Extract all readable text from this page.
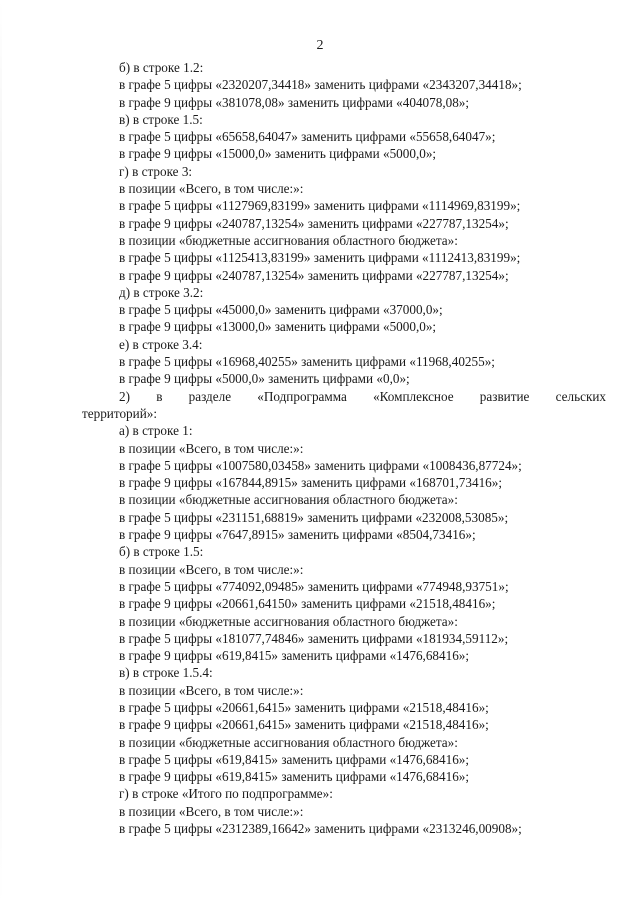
2
б) в строке 1.2:
в графе 5 цифры «2320207,34418» заменить цифрами «2343207,34418»;
в графе 9 цифры «381078,08» заменить цифрами «404078,08»;
в) в строке 1.5:
в графе 5 цифры «65658,64047» заменить цифрами «55658,64047»;
в графе 9 цифры «15000,0» заменить цифрами «5000,0»;
г) в строке 3:
в позиции «Всего, в том числе:»:
в графе 5 цифры «1127969,83199» заменить цифрами «1114969,83199»;
в графе 9 цифры «240787,13254» заменить цифрами «227787,13254»;
в позиции «бюджетные ассигнования областного бюджета»:
в графе 5 цифры «1125413,83199» заменить цифрами «1112413,83199»;
в графе 9 цифры «240787,13254» заменить цифрами «227787,13254»;
д) в строке 3.2:
в графе 5 цифры «45000,0» заменить цифрами «37000,0»;
в графе 9 цифры «13000,0» заменить цифрами «5000,0»;
е) в строке 3.4:
в графе 5 цифры «16968,40255» заменить цифрами «11968,40255»;
в графе 9 цифры «5000,0» заменить цифрами «0,0»;
2) в разделе «Подпрограмма «Комплексное развитие сельских
территорий»:
а) в строке 1:
в позиции «Всего, в том числе:»:
в графе 5 цифры «1007580,03458» заменить цифрами «1008436,87724»;
в графе 9 цифры «167844,8915» заменить цифрами «168701,73416»;
в позиции «бюджетные ассигнования областного бюджета»:
в графе 5 цифры «231151,68819» заменить цифрами «232008,53085»;
в графе 9 цифры «7647,8915» заменить цифрами «8504,73416»;
б) в строке 1.5:
в позиции «Всего, в том числе:»:
в графе 5 цифры «774092,09485» заменить цифрами «774948,93751»;
в графе 9 цифры «20661,64150» заменить цифрами «21518,48416»;
в позиции «бюджетные ассигнования областного бюджета»:
в графе 5 цифры «181077,74846» заменить цифрами «181934,59112»;
в графе 9 цифры «619,8415» заменить цифрами «1476,68416»;
в) в строке 1.5.4:
в позиции «Всего, в том числе:»:
в графе 5 цифры «20661,6415» заменить цифрами «21518,48416»;
в графе 9 цифры «20661,6415» заменить цифрами «21518,48416»;
в позиции «бюджетные ассигнования областного бюджета»:
в графе 5 цифры «619,8415» заменить цифрами «1476,68416»;
в графе 9 цифры «619,8415» заменить цифрами «1476,68416»;
г) в строке «Итого по подпрограмме»:
в позиции «Всего, в том числе:»:
в графе 5 цифры «2312389,16642» заменить цифрами «2313246,00908»;
